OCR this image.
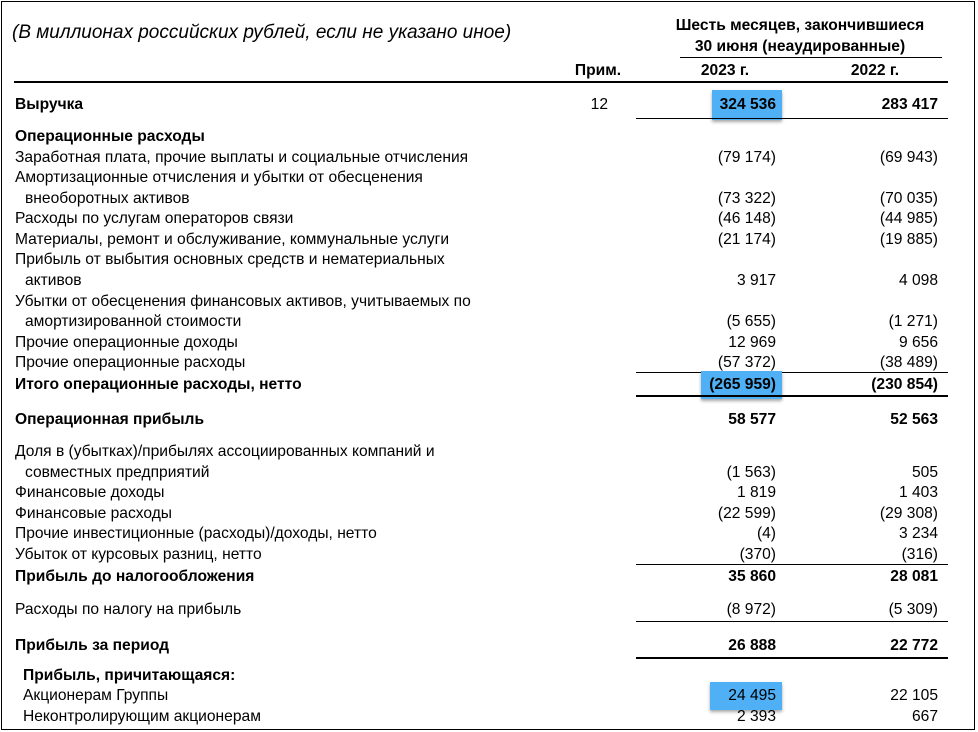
(В миллионах российских рублей, если не указано иное)	Шесть месяцев, закончившиеся
30 июня (неаудированные)
Прим.	2023 г.	2022 г.
Выручка	12	324 536	283 417
Операционные расходы
Заработная плата, прочие выплаты и социальные отчисления	(79 174)	(69 943)
Амортизационные отчисления и убытки от обесценения
внеоборотных активов	(73 322)	(70 035)
Расходы по услугам операторов связи	(46 148)	(44 985)
Материалы, ремонт и обслуживание, коммунальные услуги	(21 174)	(19 885)
Прибыль от выбытия основных средств и нематериальных
активов	3 917	4 098
Убытки от обесценения финансовых активов, учитываемых по
амортизированной стоимости	(5 655)	(1 271)
Прочие операционные доходы	12 969	9 656
Прочие операционные расходы	(57 372)	(38 489)
Итого операционные расходы, нетто	(265 959)	(230 854)
Операционная прибыль	58 577	52 563
Доля в (убытках)/прибылях ассоциированных компаний и
совместных предприятий	(1 563)	505
Финансовые доходы	1 819	1 403
Финансовые расходы	(22 599)	(29 308)
Прочие инвестиционные (расходы)/доходы, нетто	(4)	3 234
Убыток от курсовых разниц, нетто	(370)	(316)
Прибыль до налогообложения	35 860	28 081
Расходы по налогу на прибыль	(8 972)	(5 309)
Прибыль за период	26 888	22 772
Прибыль, причитающаяся:
Акционерам Группы	24 495	22 105
Неконтролирующим акционерам	2 393	667
